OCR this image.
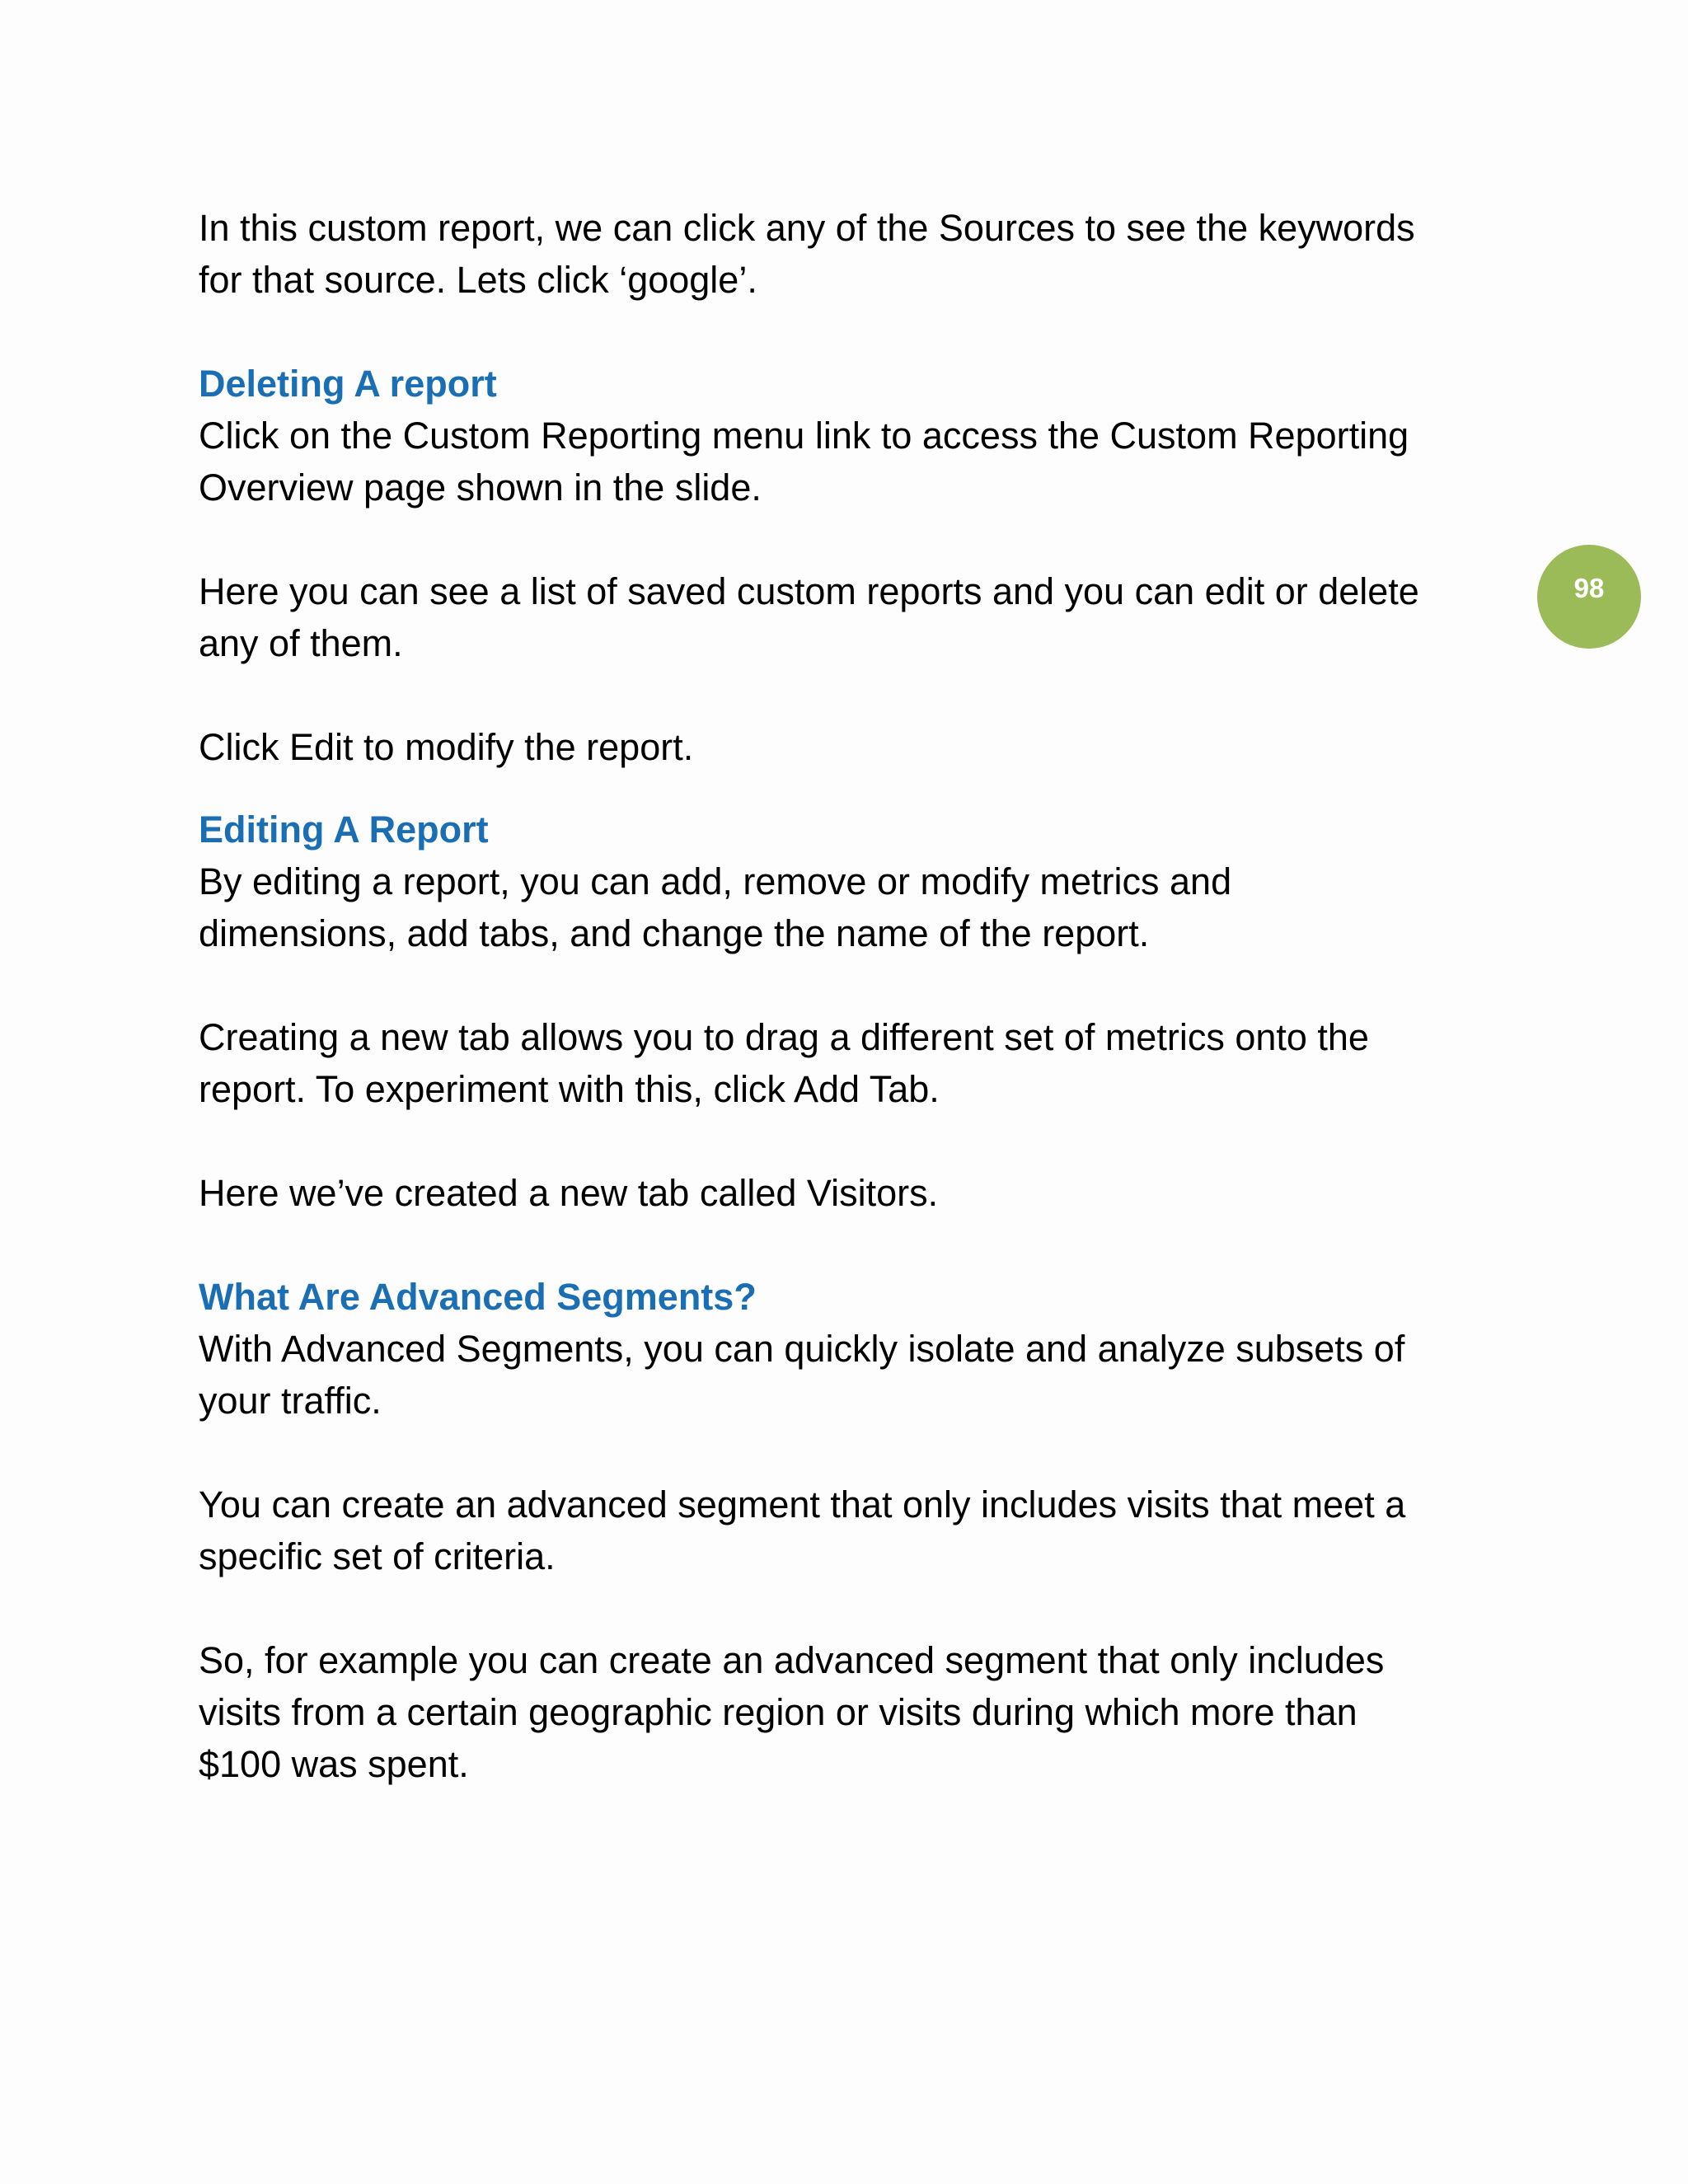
In this custom report, we can click any of the Sources to see the keywords
for that source. Lets click ‘google’.

Deleting A report

Click on the Custom Reporting menu link to access the Custom Reporting
Overview page shown in the slide.

Here you can see a list of saved custom reports and you can edit or delete
any of them.

Click Edit to modify the report.

Editing A Report

By editing a report, you can add, remove or modify metrics and
dimensions, add tabs, and change the name of the report.

Creating a new tab allows you to drag a different set of metrics onto the
report. To experiment with this, click Add Tab.

Here we’ve created a new tab called Visitors.

What Are Advanced Segments?

With Advanced Segments, you can quickly isolate and analyze subsets of
your traffic.

You can create an advanced segment that only includes visits that meet a
specific set of criteria.

So, for example you can create an advanced segment that only includes
visits from a certain geographic region or visits during which more than
$100 was spent.

98
